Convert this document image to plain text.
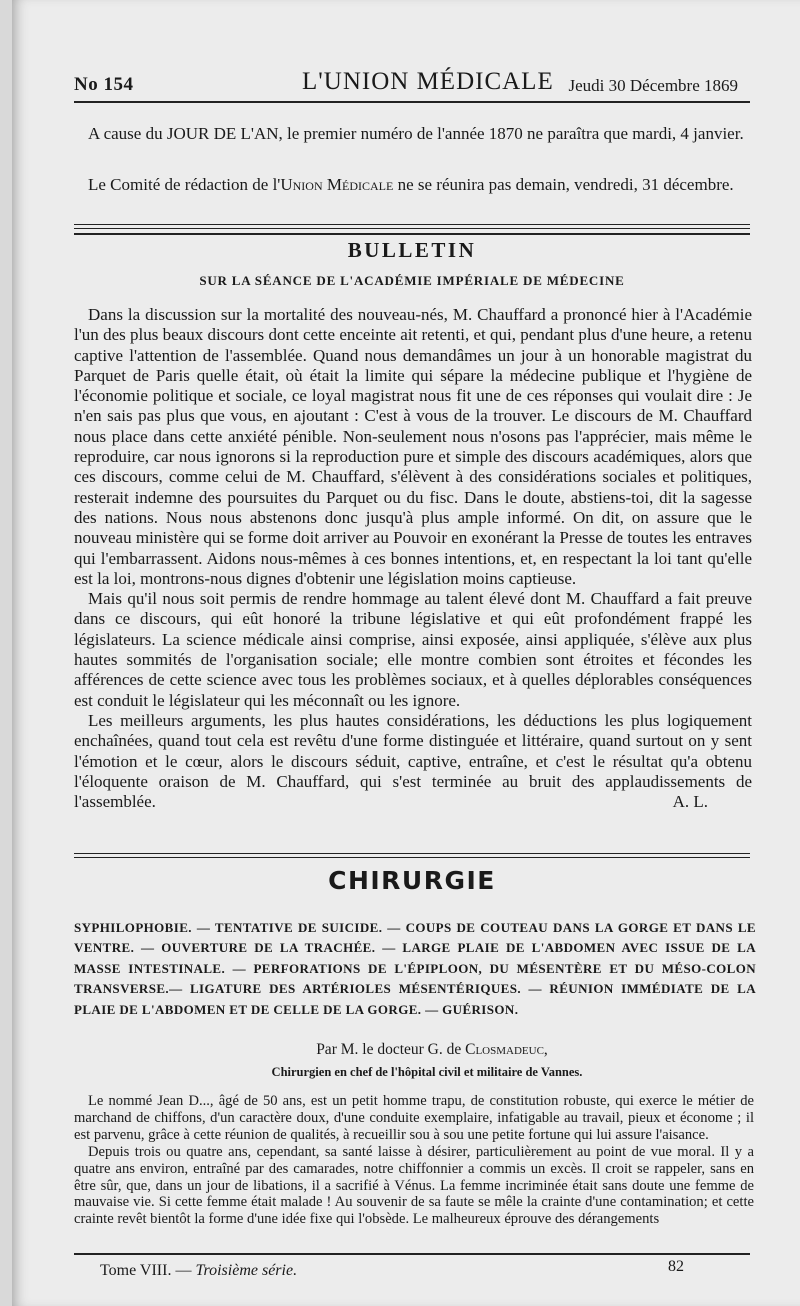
No 154	L'UNION MÉDICALE Jeudi 30 Décembre 1869
A cause du JOUR DE L'AN, le premier numéro de l'année 1870 ne paraîtra que mardi, 4 janvier.
Le Comité de rédaction de l'Union Médicale ne se réunira pas demain, vendredi, 31 décembre.
BULLETIN
SUR LA SÉANCE DE L'ACADÉMIE IMPÉRIALE DE MÉDECINE

Dans la discussion sur la mortalité des nouveau-nés, M. Chauffard a prononcé hier à l'Académie l'un des plus beaux discours dont cette enceinte ait retenti, et qui, pendant plus d'une heure, a retenu captive l'attention de l'assemblée. Quand nous demandâmes un jour à un honorable magistrat du Parquet de Paris quelle était, où était la limite qui sépare la médecine publique et l'hygiène de l'économie politique et sociale, ce loyal magistrat nous fit une de ces réponses qui voulait dire : Je n'en sais pas plus que vous, en ajoutant : C'est à vous de la trouver. Le discours de M. Chauffard nous place dans cette anxiété pénible. Non-seulement nous n'osons pas l'apprécier, mais même le reproduire, car nous ignorons si la reproduction pure et simple des discours académiques, alors que ces discours, comme celui de M. Chauffard, s'élèvent à des considérations sociales et politiques, resterait indemne des poursuites du Parquet ou du fisc. Dans le doute, abstiens-toi, dit la sagesse des nations. Nous nous abstenons donc jusqu'à plus ample informé. On dit, on assure que le nouveau ministère qui se forme doit arriver au Pouvoir en exonérant la Presse de toutes les entraves qui l'embarrassent. Aidons nous-mêmes à ces bonnes intentions, et, en respectant la loi tant qu'elle est la loi, montrons-nous dignes d'obtenir une législation moins captieuse.

Mais qu'il nous soit permis de rendre hommage au talent élevé dont M. Chauffard a fait preuve dans ce discours, qui eût honoré la tribune législative et qui eût profondément frappé les législateurs. La science médicale ainsi comprise, ainsi exposée, ainsi appliquée, s'élève aux plus hautes sommités de l'organisation sociale; elle montre combien sont étroites et fécondes les afférences de cette science avec tous les problèmes sociaux, et à quelles déplorables conséquences est conduit le législateur qui les méconnaît ou les ignore.

Les meilleurs arguments, les plus hautes considérations, les déductions les plus logiquement enchaînées, quand tout cela est revêtu d'une forme distinguée et littéraire, quand surtout on y sent l'émotion et le cœur, alors le discours séduit, captive, entraîne, et c'est le résultat qu'a obtenu l'éloquente oraison de M. Chauffard, qui s'est terminée au bruit des applaudissements de l'assemblée.	A. L.

CHIRURGIE
SYPHILOPHOBIE. — TENTATIVE DE SUICIDE. — COUPS DE COUTEAU DANS LA GORGE ET DANS LE VENTRE. — OUVERTURE DE LA TRACHÉE. — LARGE PLAIE DE L'ABDOMEN AVEC ISSUE DE LA MASSE INTESTINALE. — PERFORATIONS DE L'ÉPIPLOON, DU MÉSENTÈRE ET DU MÉSO-COLON TRANSVERSE.— LIGATURE DES ARTÉRIOLES MÉSENTÉRIQUES. — RÉUNION IMMÉDIATE DE LA PLAIE DE L'ABDOMEN ET DE CELLE DE LA GORGE. — GUÉRISON.
Par M. le docteur G. de Closmadeuc,
Chirurgien en chef de l'hôpital civil et militaire de Vannes.

Le nommé Jean D..., âgé de 50 ans, est un petit homme trapu, de constitution robuste, qui exerce le métier de marchand de chiffons, d'un caractère doux, d'une conduite exemplaire, infatigable au travail, pieux et économe ; il est parvenu, grâce à cette réunion de qualités, à recueillir sou à sou une petite fortune qui lui assure l'aisance.

Depuis trois ou quatre ans, cependant, sa santé laisse à désirer, particulièrement au point de vue moral. Il y a quatre ans environ, entraîné par des camarades, notre chiffonnier a commis un excès. Il croit se rappeler, sans en être sûr, que, dans un jour de libations, il a sacrifié à Vénus. La femme incriminée était sans doute une femme de mauvaise vie. Si cette femme était malade ! Au souvenir de sa faute se mêle la crainte d'une contamination; et cette crainte revêt bientôt la forme d'une idée fixe qui l'obsède. Le malheureux éprouve des dérangements

Tome VIII. — Troisième série.	82
